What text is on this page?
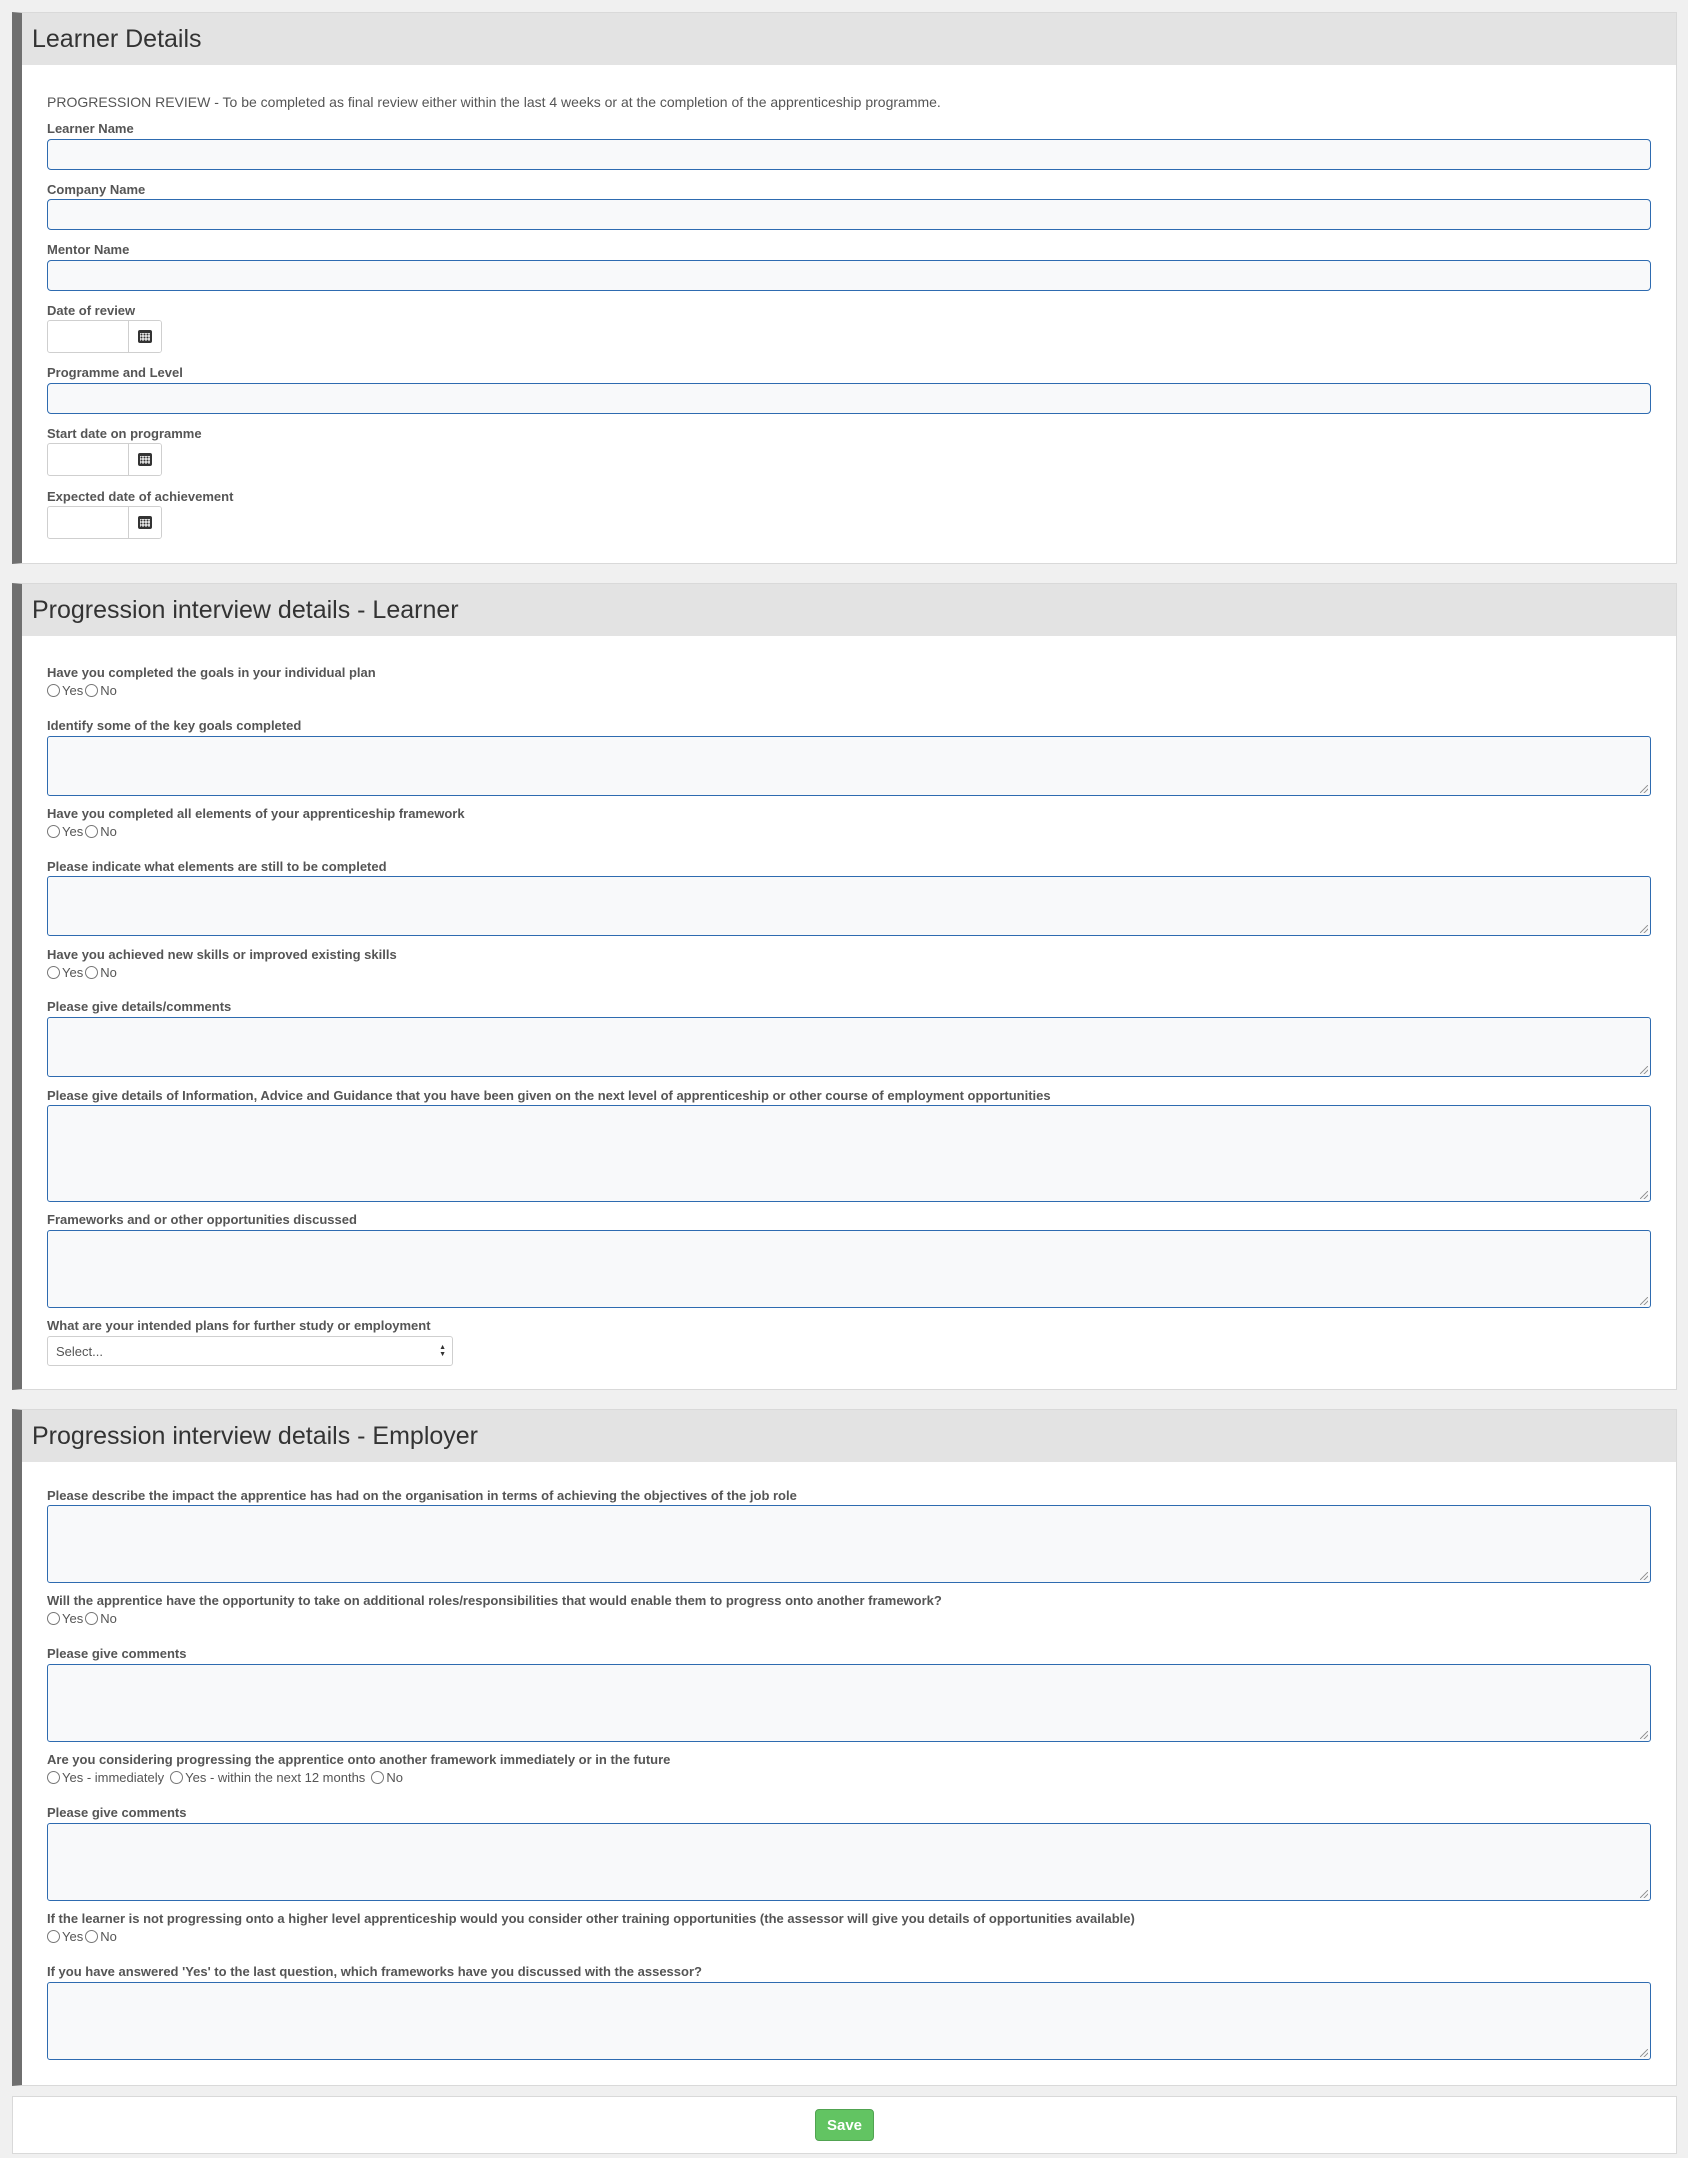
Learner Details
PROGRESSION REVIEW - To be completed as final review either within the last 4 weeks or at the completion of the apprenticeship programme.
Learner Name
Company Name
Mentor Name
Date of review
Programme and Level
Start date on programme
Expected date of achievement
Progression interview details - Learner
Have you completed the goals in your individual plan
Yes No
Identify some of the key goals completed
Have you completed all elements of your apprenticeship framework
Yes No
Please indicate what elements are still to be completed
Have you achieved new skills or improved existing skills
Yes No
Please give details/comments
Please give details of Information, Advice and Guidance that you have been given on the next level of apprenticeship or other course of employment opportunities
Frameworks and or other opportunities discussed
What are your intended plans for further study or employment
Select...	▲
▼
Progression interview details - Employer
Please describe the impact the apprentice has had on the organisation in terms of achieving the objectives of the job role
Will the apprentice have the opportunity to take on additional roles/responsibilities that would enable them to progress onto another framework?
Yes No
Please give comments
Are you considering progressing the apprentice onto another framework immediately or in the future
Yes - immediately Yes - within the next 12 months No
Please give comments
If the learner is not progressing onto a higher level apprenticeship would you consider other training opportunities (the assessor will give you details of opportunities available)
Yes No
If you have answered 'Yes' to the last question, which frameworks have you discussed with the assessor?
Save
